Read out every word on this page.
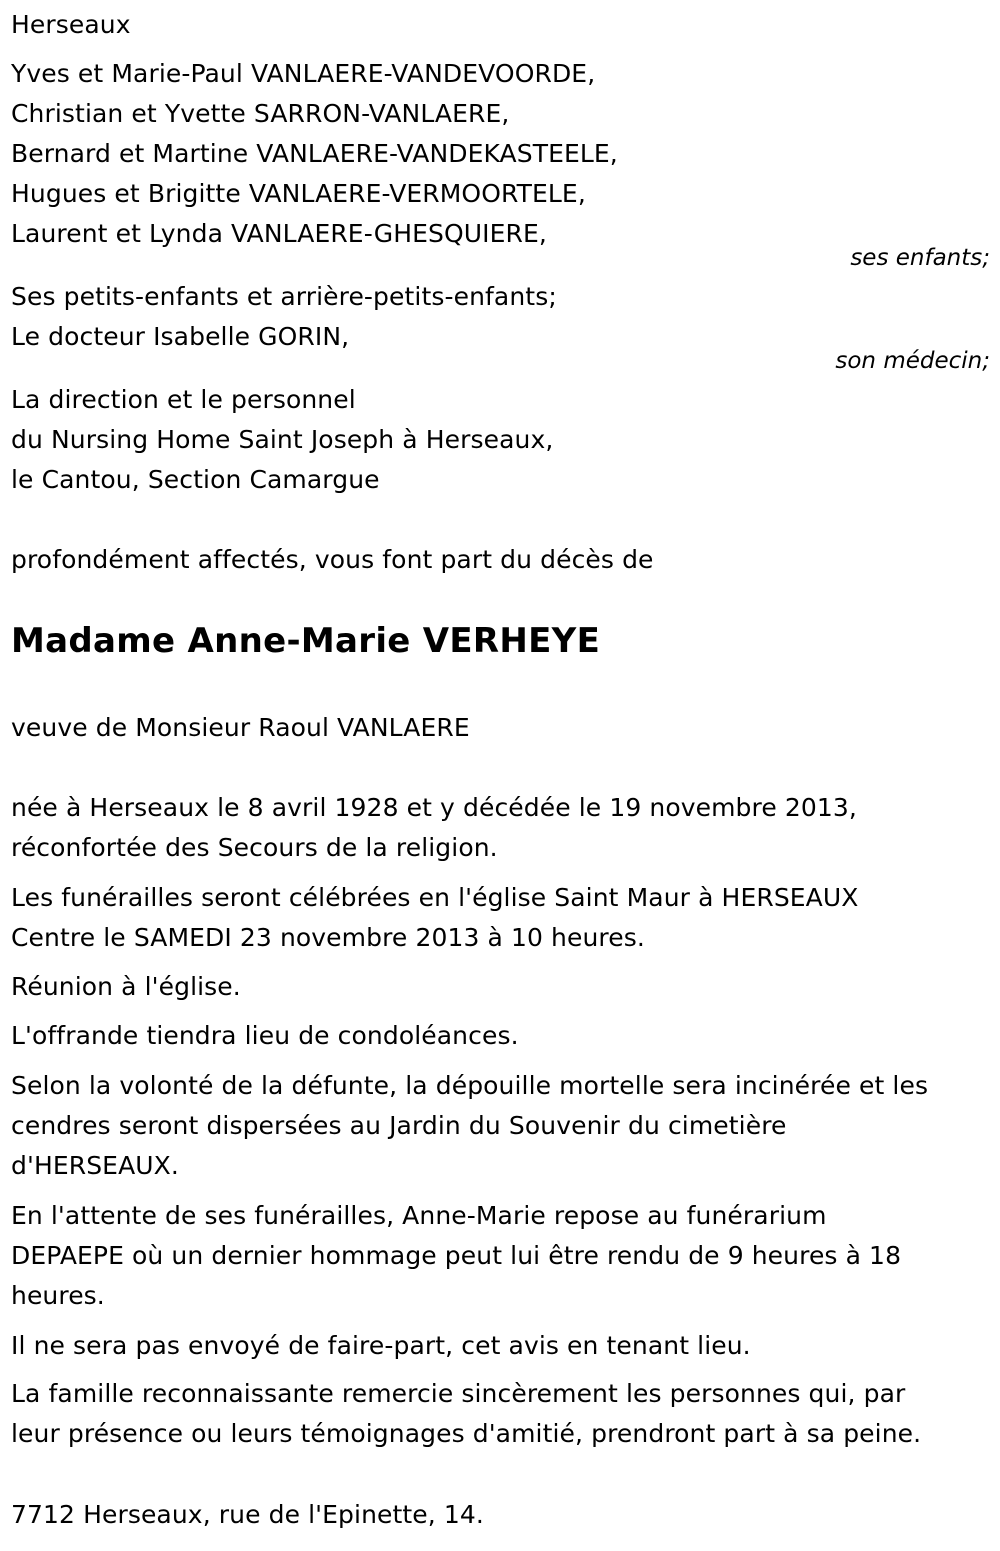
Herseaux
Yves et Marie-Paul VANLAERE-VANDEVOORDE,
Christian et Yvette SARRON-VANLAERE,
Bernard et Martine VANLAERE-VANDEKASTEELE,
Hugues et Brigitte VANLAERE-VERMOORTELE,
Laurent et Lynda VANLAERE-GHESQUIERE,
ses enfants;
Ses petits-enfants et arrière-petits-enfants;
Le docteur Isabelle GORIN,
son médecin;
La direction et le personnel
du Nursing Home Saint Joseph à Herseaux,
le Cantou, Section Camargue
profondément affectés, vous font part du décès de
Madame Anne-Marie VERHEYE
veuve de Monsieur Raoul VANLAERE
née à Herseaux le 8 avril 1928 et y décédée le 19 novembre 2013,
réconfortée des Secours de la religion.
Les funérailles seront célébrées en l'église Saint Maur à HERSEAUX
Centre le SAMEDI 23 novembre 2013 à 10 heures.
Réunion à l'église.
L'offrande tiendra lieu de condoléances.
Selon la volonté de la défunte, la dépouille mortelle sera incinérée et les
cendres seront dispersées au Jardin du Souvenir du cimetière
d'HERSEAUX.
En l'attente de ses funérailles, Anne-Marie repose au funérarium
DEPAEPE où un dernier hommage peut lui être rendu de 9 heures à 18
heures.
Il ne sera pas envoyé de faire-part, cet avis en tenant lieu.
La famille reconnaissante remercie sincèrement les personnes qui, par
leur présence ou leurs témoignages d'amitié, prendront part à sa peine.
7712 Herseaux, rue de l'Epinette, 14.
